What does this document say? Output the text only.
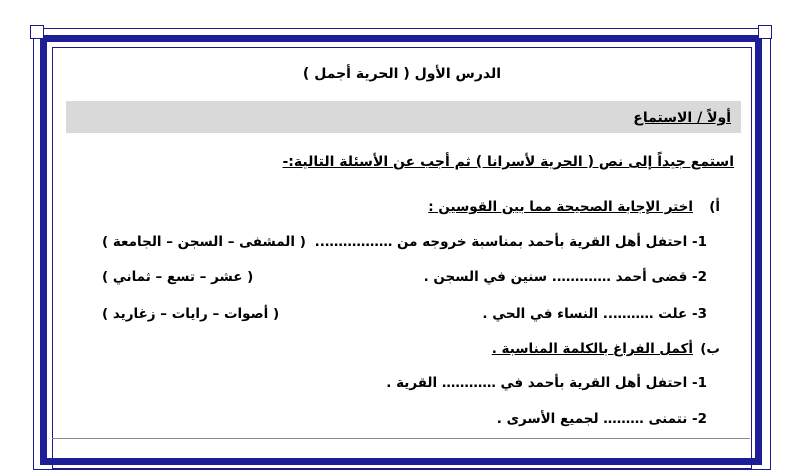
الدرس الأول ( الحرية أجمل )
أولاً / الاستماع
استمع جيداً إلى نص ( الحرية لأسرانا ) ثم أجب عن الأسئلة التالية:-
أ)
اختر الإجابة الصحيحة مما بين القوسين :
1- احتفل أهل القرية بأحمد بمناسبة خروجه من ……………..
( المشفى – السجن – الجامعة )
2- قضى أحمد …………. سنين في السجن .
( عشر – تسع – ثماني )
3- علت ……….. النساء في الحي .
( أصوات – رايات – زغاريد )
ب)
أكمل الفراغ بالكلمة المناسبة .
1- احتفل أهل القرية بأحمد في ………… القرية .
2- نتمنى ……… لجميع الأسرى .
